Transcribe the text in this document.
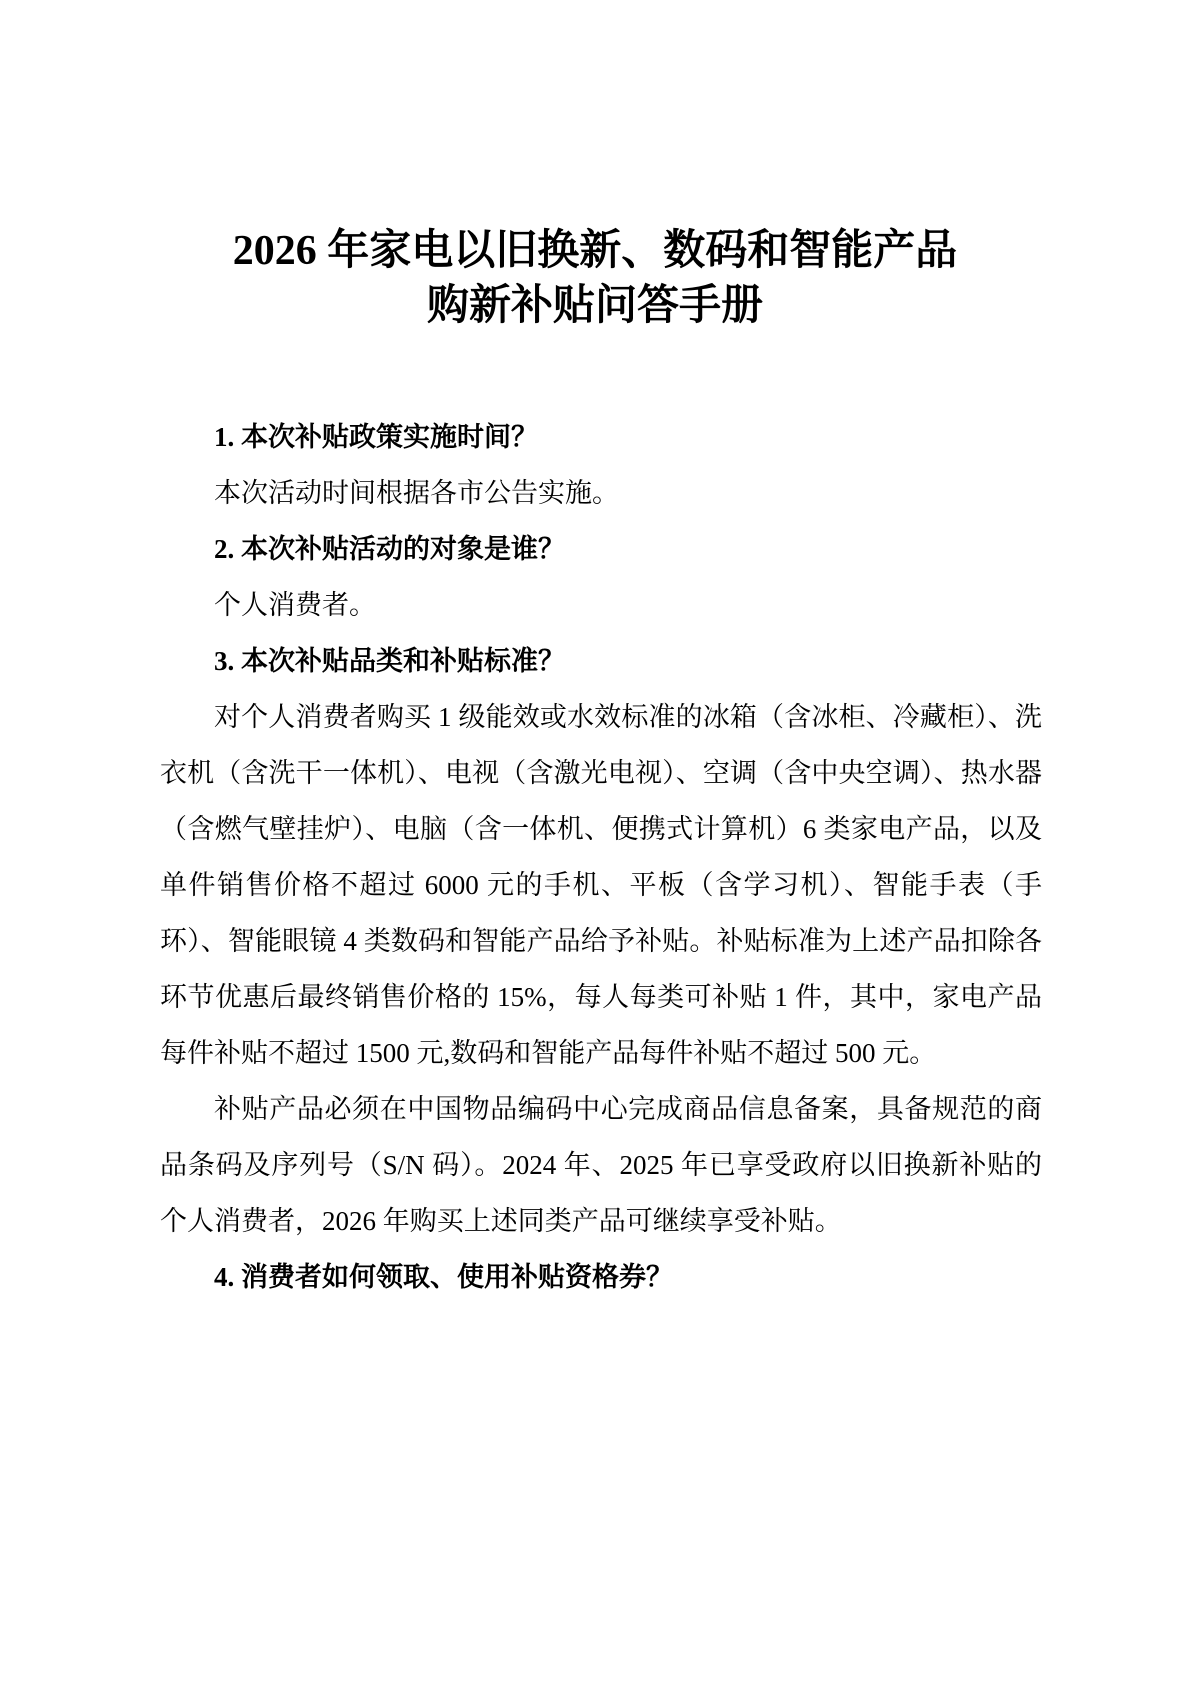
2026 年家电以旧换新、数码和智能产品
购新补贴问答手册

1. 本次补贴政策实施时间？

本次活动时间根据各市公告实施。

2. 本次补贴活动的对象是谁？

个人消费者。

3. 本次补贴品类和补贴标准？

对个人消费者购买 1 级能效或水效标准的冰箱（含冰柜、冷藏柜）、洗衣机（含洗干一体机）、电视（含激光电视）、空调（含中央空调）、热水器（含燃气壁挂炉）、电脑（含一体机、便携式计算机）6 类家电产品，以及单件销售价格不超过 6000 元的手机、平板（含学习机）、智能手表（手环）、智能眼镜 4 类数码和智能产品给予补贴。补贴标准为上述产品扣除各环节优惠后最终销售价格的 15%，每人每类可补贴 1 件，其中，家电产品每件补贴不超过 1500 元,数码和智能产品每件补贴不超过 500 元。

补贴产品必须在中国物品编码中心完成商品信息备案，具备规范的商品条码及序列号（S/N 码）。2024 年、2025 年已享受政府以旧换新补贴的个人消费者，2026 年购买上述同类产品可继续享受补贴。

4. 消费者如何领取、使用补贴资格券？
